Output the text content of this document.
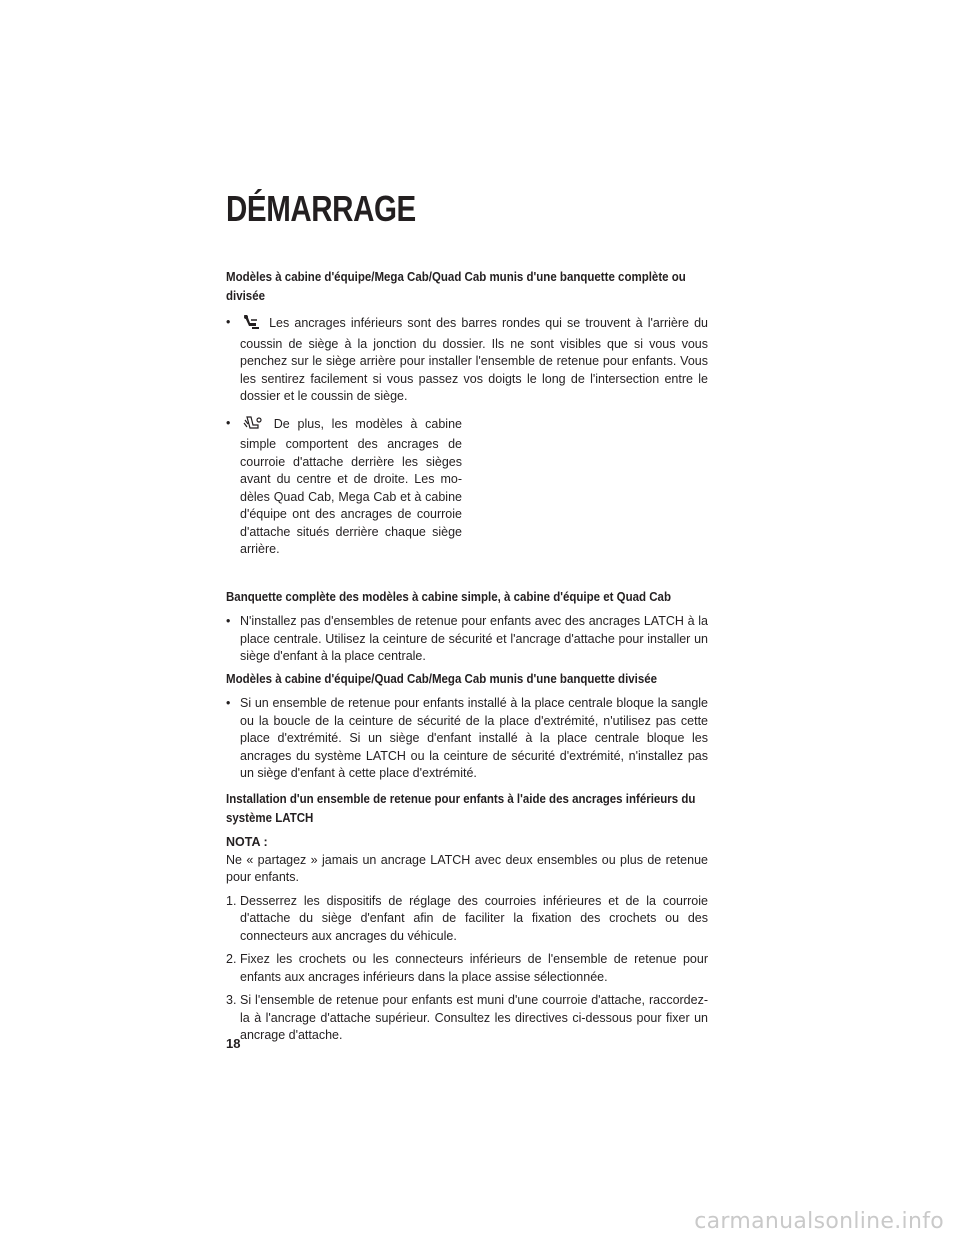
DÉMARRAGE

Modèles à cabine d'équipe/Mega Cab/Quad Cab munis d'une banquette complète ou divisée

•	Les ancrages inférieurs sont des barres rondes qui se trouvent à l'arrière du coussin de siège à la jonction du dossier. Ils ne sont visibles que si vous vous penchez sur le siège arrière pour installer l'ensemble de retenue pour enfants. Vous les sentirez facilement si vous passez vos doigts le long de l'intersection entre le dossier et le coussin de siège.

•	De plus, les modèles à cabine simple comportent des ancrages de courroie d'attache derrière les sièges avant du centre et de droite. Les mo-dèles Quad Cab, Mega Cab et à cabine d'équipe ont des ancrages de courroie d'attache situés derrière chaque siège arrière.

Banquette complète des modèles à cabine simple, à cabine d'équipe et Quad Cab

• N'installez pas d'ensembles de retenue pour enfants avec des ancrages LATCH à la place centrale. Utilisez la ceinture de sécurité et l'ancrage d'attache pour installer un siège d'enfant à la place centrale.

Modèles à cabine d'équipe/Quad Cab/Mega Cab munis d'une banquette divisée

• Si un ensemble de retenue pour enfants installé à la place centrale bloque la sangle ou la boucle de la ceinture de sécurité de la place d'extrémité, n'utilisez pas cette place d'extrémité. Si un siège d'enfant installé à la place centrale bloque les ancrages du système LATCH ou la ceinture de sécurité d'extrémité, n'installez pas un siège d'enfant à cette place d'extrémité.

Installation d'un ensemble de retenue pour enfants à l'aide des ancrages inférieurs du système LATCH

NOTA :

Ne « partagez » jamais un ancrage LATCH avec deux ensembles ou plus de retenue pour enfants.

1. Desserrez les dispositifs de réglage des courroies inférieures et de la courroie d'attache du siège d'enfant afin de faciliter la fixation des crochets ou des connecteurs aux ancrages du véhicule.

2. Fixez les crochets ou les connecteurs inférieurs de l'ensemble de retenue pour enfants aux ancrages inférieurs dans la place assise sélectionnée.

3. Si l'ensemble de retenue pour enfants est muni d'une courroie d'attache, raccordez-la à l'ancrage d'attache supérieur. Consultez les directives ci-dessous pour fixer un ancrage d'attache.

18
carmanualsonline.info
